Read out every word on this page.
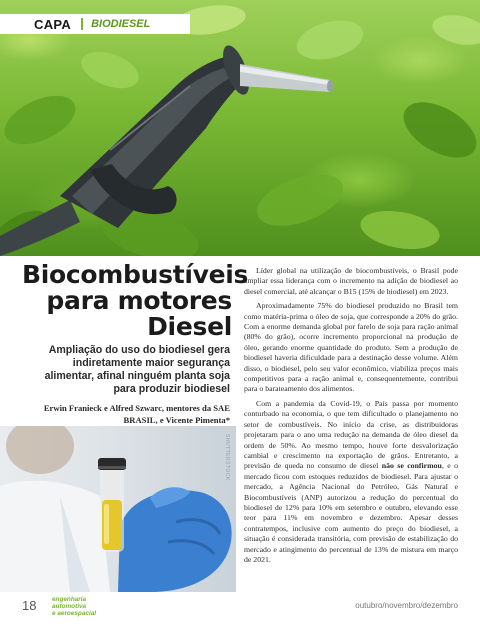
CAPA BIODIESEL
Biocombustíveis
para motores
Diesel

Ampliação do uso do biodiesel gera indiretamente maior segurança alimentar, afinal ninguém planta soja para produzir biodiesel

Erwin Franieck e Alfred Szwarc, mentores da SAE BRASIL, e Vicente Pimenta*

SHUTTERSTOCK

Líder global na utilização de biocombustíveis, o Brasil pode ampliar essa liderança com o incremento na adição de biodiesel ao diesel comercial, até alcançar o B15 (15% de biodiesel) em 2023.

Aproximadamente 75% do biodiesel produzido no Brasil tem como matéria-prima o óleo de soja, que corresponde a 20% do grão. Com a enorme demanda global por farelo de soja para ração animal (80% do grão), ocorre incremento proporcional na produção de óleo, gerando enorme quantidade do produto. Sem a produção de biodiesel haveria dificuldade para a destinação desse volume. Além disso, o biodiesel, pelo seu valor econômico, viabiliza preços mais competitivos para a ração animal e, consequentemente, contribui para o barateamento dos alimentos.

Com a pandemia da Covid-19, o País passa por momento conturbado na economia, o que tem dificultado o planejamento no setor de combustíveis. No início da crise, as distribuidoras projetaram para o ano uma redução na demanda de óleo diesel da ordem de 50%. Ao mesmo tempo, houve forte desvalorização cambial e crescimento na exportação de grãos. Entretanto, a previsão de queda no consumo de diesel não se confirmou, e o mercado ficou com estoques reduzidos de biodiesel. Para ajustar o mercado, a Agência Nacional do Petróleo, Gás Natural e Biocombustíveis (ANP) autorizou a redução do percentual do biodiesel de 12% para 10% em setembro e outubro, elevando esse teor para 11% em novembro e dezembro. Apesar desses contratempos, inclusive com aumento do preço do biodiesel, a situação é considerada transitória, com previsão de estabilização do mercado e atingimento do percentual de 13% de mistura em março de 2021.

18 engenharia
automotiva
e aeroespacial
outubro/novembro/dezembro
